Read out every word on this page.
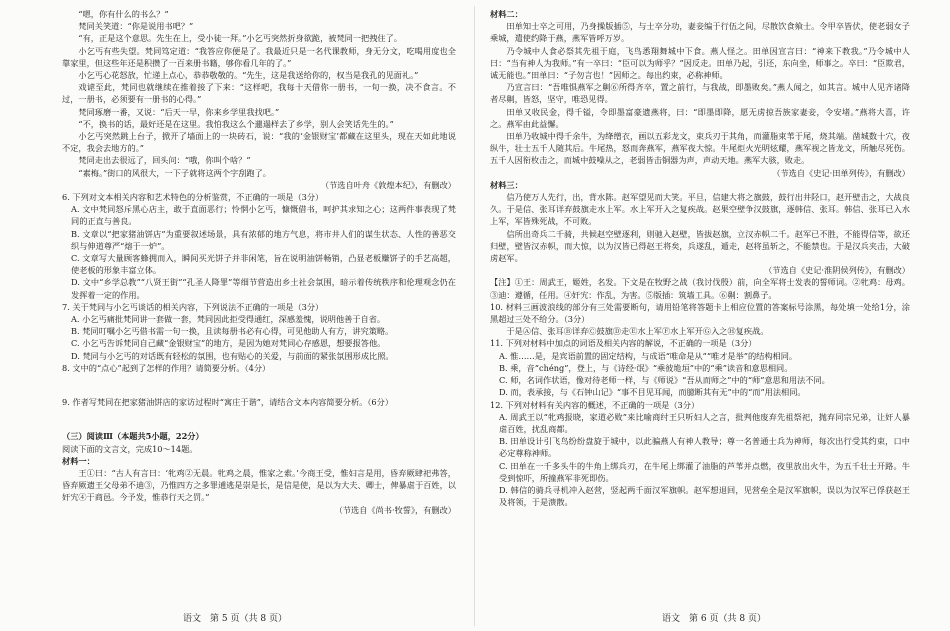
“嗯，你有什么的书么？”

梵同关笑道：“你是说用书吧？”

“有，正是这个意思。先生在上，受小徒一拜。”小乞丐突然折身欲跪，被梵同一把拽住了。

小乞丐有些失望。梵同笃定道：“我答应你便是了。我最近只是一名代课教师，身无分文，吃喝用度也全靠家里，但这些年还是积攒了一百来册书籍，够你看几年的了。”

小乞丐心花怒放，忙递上点心，恭恭敬敬的。“先生，这是我送给你的，权当是我孔的见面礼。”

戏谑至此，梵同也就继续在推着接了下来：“这样吧，我每十天借你一册书，一旬一换，决不食言。不过，一册书，必须要有一册书的心得。”

梵同琢磨一番，又说：“后天一早，你来乡学里我找吧。”

“不，换书的话，最好还是在这里。我怕我这么个邋遢样去了乡学，别人会笑话先生的。”

小乞丐突然跳上台子，掀开了墙面上的一块砖石，说：“我的‘金银财宝’都藏在这里头，现在天如此地说不定，我会去地方的。”

梵同走出去很远了，回头问：“哦，你叫个啥？”

“素梅。”街口的风很大，一下子就将这两个字刮跑了。

（节选自叶舟《敦煌本纪》，有删改）

6. 下列对文本相关内容和艺术特色的分析鉴赏，不正确的一项是（3分）

A. 文中梵同怒斥黑心店主，敢于直面恶行；怜惘小乞丐，慷慨借书，呵护其求知之心；这两件事表现了梵同的正直与善良。

B. 文章以“把家猪油饼店”为重要叙述场景，具有浓郁的地方气息，将市井人们的谋生状态、人性的善恶交织与伸道尊严“熔于一炉”。

C. 文章写大量顾客蜂拥而入，瞬间买光饼子并非闲笔，旨在说明油饼畅销，凸显老板赚饼子的手艺高超，使老板的形象丰富立体。

D. 文中“乡学总教”“八贤王街”“孔圣人降罪”等细节营造出乡土社会氛围，暗示着传统秩序和伦理观念仍在发挥着一定的作用。

7. 关于梵同与小乞丐谈话的相关内容，下列说法不正确的一项是（3分）

A. 小乞丐痛批梵同讲一套做一套，梵同因此拒受得通红，深感羞愧，说明他善于自省。

B. 梵同叮嘱小乞丐借书需一句一换，且读每册书必有心得，可见他助人有方，讲究策略。

C. 小乞丐告诉梵同自己藏“金银财宝”的地方，是因为她对梵同心存感恩，想要报答他。

D. 梵同与小乞丐的对话既有轻松的氛围，也有贴心的关爱，与前面的紧张氛围形成比照。

8. 文中的“点心”起到了怎样的作用？请简要分析。（4分）

9. 作者写梵同在把家猪油饼店的家访过程时“寓庄于谐”，请结合文本内容简要分析。（6分）

（三）阅读Ⅲ（本题共5小题，22分）

阅读下面的文言文，完成10～14题。

材料一：

王①曰：“古人有言曰：‘牝鸡②无晨。牝鸡之晨，惟家之索。’今商王受，惟妇言是用，昏弃厥肆祀弗答，昏弃厥遗王父母弟不迪③，乃惟四方之多罪逋逃是崇是长，是信是使，是以为大夫、卿士，俾暴虐于百姓，以奸宄④于商邑。今予发，惟恭行天之罚。”

（节选自《尚书·牧誓》，有删改）

语文　第 5 页（共 8 页）

材料二：

田单知士卒之可用，乃身操版插⑤，与士卒分功，妻妾编于行伍之间，尽散饮食飨士。令甲卒皆伏，使老弱女子乘城，遣使约降于燕，燕军皆呼万岁。

乃令城中人食必祭其先祖于庭，飞鸟悉翔舞城中下食。燕人怪之。田单因宣言曰：“神来下教我。”乃令城中人曰：“当有神人为我师。”有一卒曰：“臣可以为师乎？”因反走。田单乃起，引还，东向坐，师事之。卒曰：“臣欺君，诚无能也。”田单曰：“子勿言也！”因师之。每出约束，必称神师。

乃宣言曰：“吾唯惧燕军之劓⑥所得齐卒，置之前行，与我战，即墨败矣。”燕人闻之，如其言。城中人见齐诸降者尽劓，皆怒，坚守，唯恐见得。

田单又收民金，得千镒，令即墨富豪遗燕将，曰：“即墨即降，愿无虏掠吾族家妻妾，令安堵。”燕将大喜，许之。燕军由此益懈。

田单乃收城中得千余牛，为绛缯衣，画以五彩龙文，束兵刃于其角，而灌脂束苇于尾，烧其端。凿城数十穴，夜纵牛，壮士五千人随其后。牛尾热，怒而奔燕军，燕军夜大惊。牛尾炬火光明炫耀，燕军视之皆龙文，所触尽死伤。五千人因衔枚击之，而城中鼓噪从之，老弱皆击铜器为声，声动天地。燕军大骇，败走。

（节选自《史记·田单列传》，有删改）

材料三：

信乃使万人先行，出，背水陈。赵军望见而大笑。平旦，信建大将之旗鼓，鼓行出井陉口，赵开壁击之，大战良久。于是信、张耳详弃鼓旗走水上军。水上军开入之复疾战。赵果空壁争汉鼓旗，逐韩信、张耳。韩信、张耳已入水上军，军皆殊死战，不可败。

信所出奇兵二千骑，共候赵空壁逐利，则驰入赵壁，皆拔赵旗，立汉赤帜二千。赵军已不胜，不能得信等，欲还归壁，壁皆汉赤帜，而大惊，以为汉皆已得赵王将矣，兵遂乱，遁走，赵将虽斩之，不能禁也。于是汉兵夹击，大破虏赵军。

（节选自《史记·淮阴侯列传》，有删改）

【注】①王：周武王，姬姓，名发。下文是在牧野之战（我讨伐殷）前，向全军将士发表的誓师词。②牝鸡：母鸡。③迪：遵循，任用。④奸宄：作乱，为害。⑤版插：筑墙工具。⑥劓：割鼻子。

10. 材料三画波浪线的部分有三处需要断句，请用铅笔将答题卡上相应位置的答案标号涂黑，每处填一处给1分，涂黑超过三处不给分。（3分）

于是Ⓐ信、张耳Ⓑ详弃Ⓒ鼓旗Ⓓ走Ⓔ水上军Ⓕ水上军开Ⓖ入之Ⓗ复疾战。

11. 下列对材料中加点的词语及相关内容的解说，不正确的一项是（3分）

A. 惟……是，是宾语前置的固定结构，与成语“唯命是从”“唯才是举”的结构相同。

B. 乘，音“chéng”，登上，与《诗经·氓》“乘彼垝垣”中的“乘”读音和意思相同。

C. 师，名词作状语，像对待老师一样，与《师说》“吾从而师之”中的“师”意思和用法不同。

D. 而，表承接，与《石钟山记》“事不目见耳闻，而臆断其有无”中的“而”用法相同。

12. 下列对材料有关内容的概述，不正确的一项是（3分）

A. 周武王以“牝鸡报晓，家道必败”来比喻商纣王只听妇人之言，批判他废弃先祖祭祀，抛弃同宗兄弟，让奸人暴虐百姓，扰乱商都。

B. 田单设计引飞鸟纷纷盘旋于城中，以此骗燕人有神人教导；尊一名普通士兵为神师，每次出行受其约束，口中必定尊称神师。

C. 田单在一千多头牛的牛角上绑兵刃，在牛尾上绑灌了油脂的芦苇并点燃，夜里放出火牛，为五千壮士开路。牛受到惊吓，所撞燕军非死即伤。

D. 韩信的骑兵寻机冲入赵营，竖起两千面汉军旗帜。赵军想退回，见营垒全是汉军旗帜，误以为汉军已俘获赵王及将领，于是溃散。

语文　第 6 页（共 8 页）
